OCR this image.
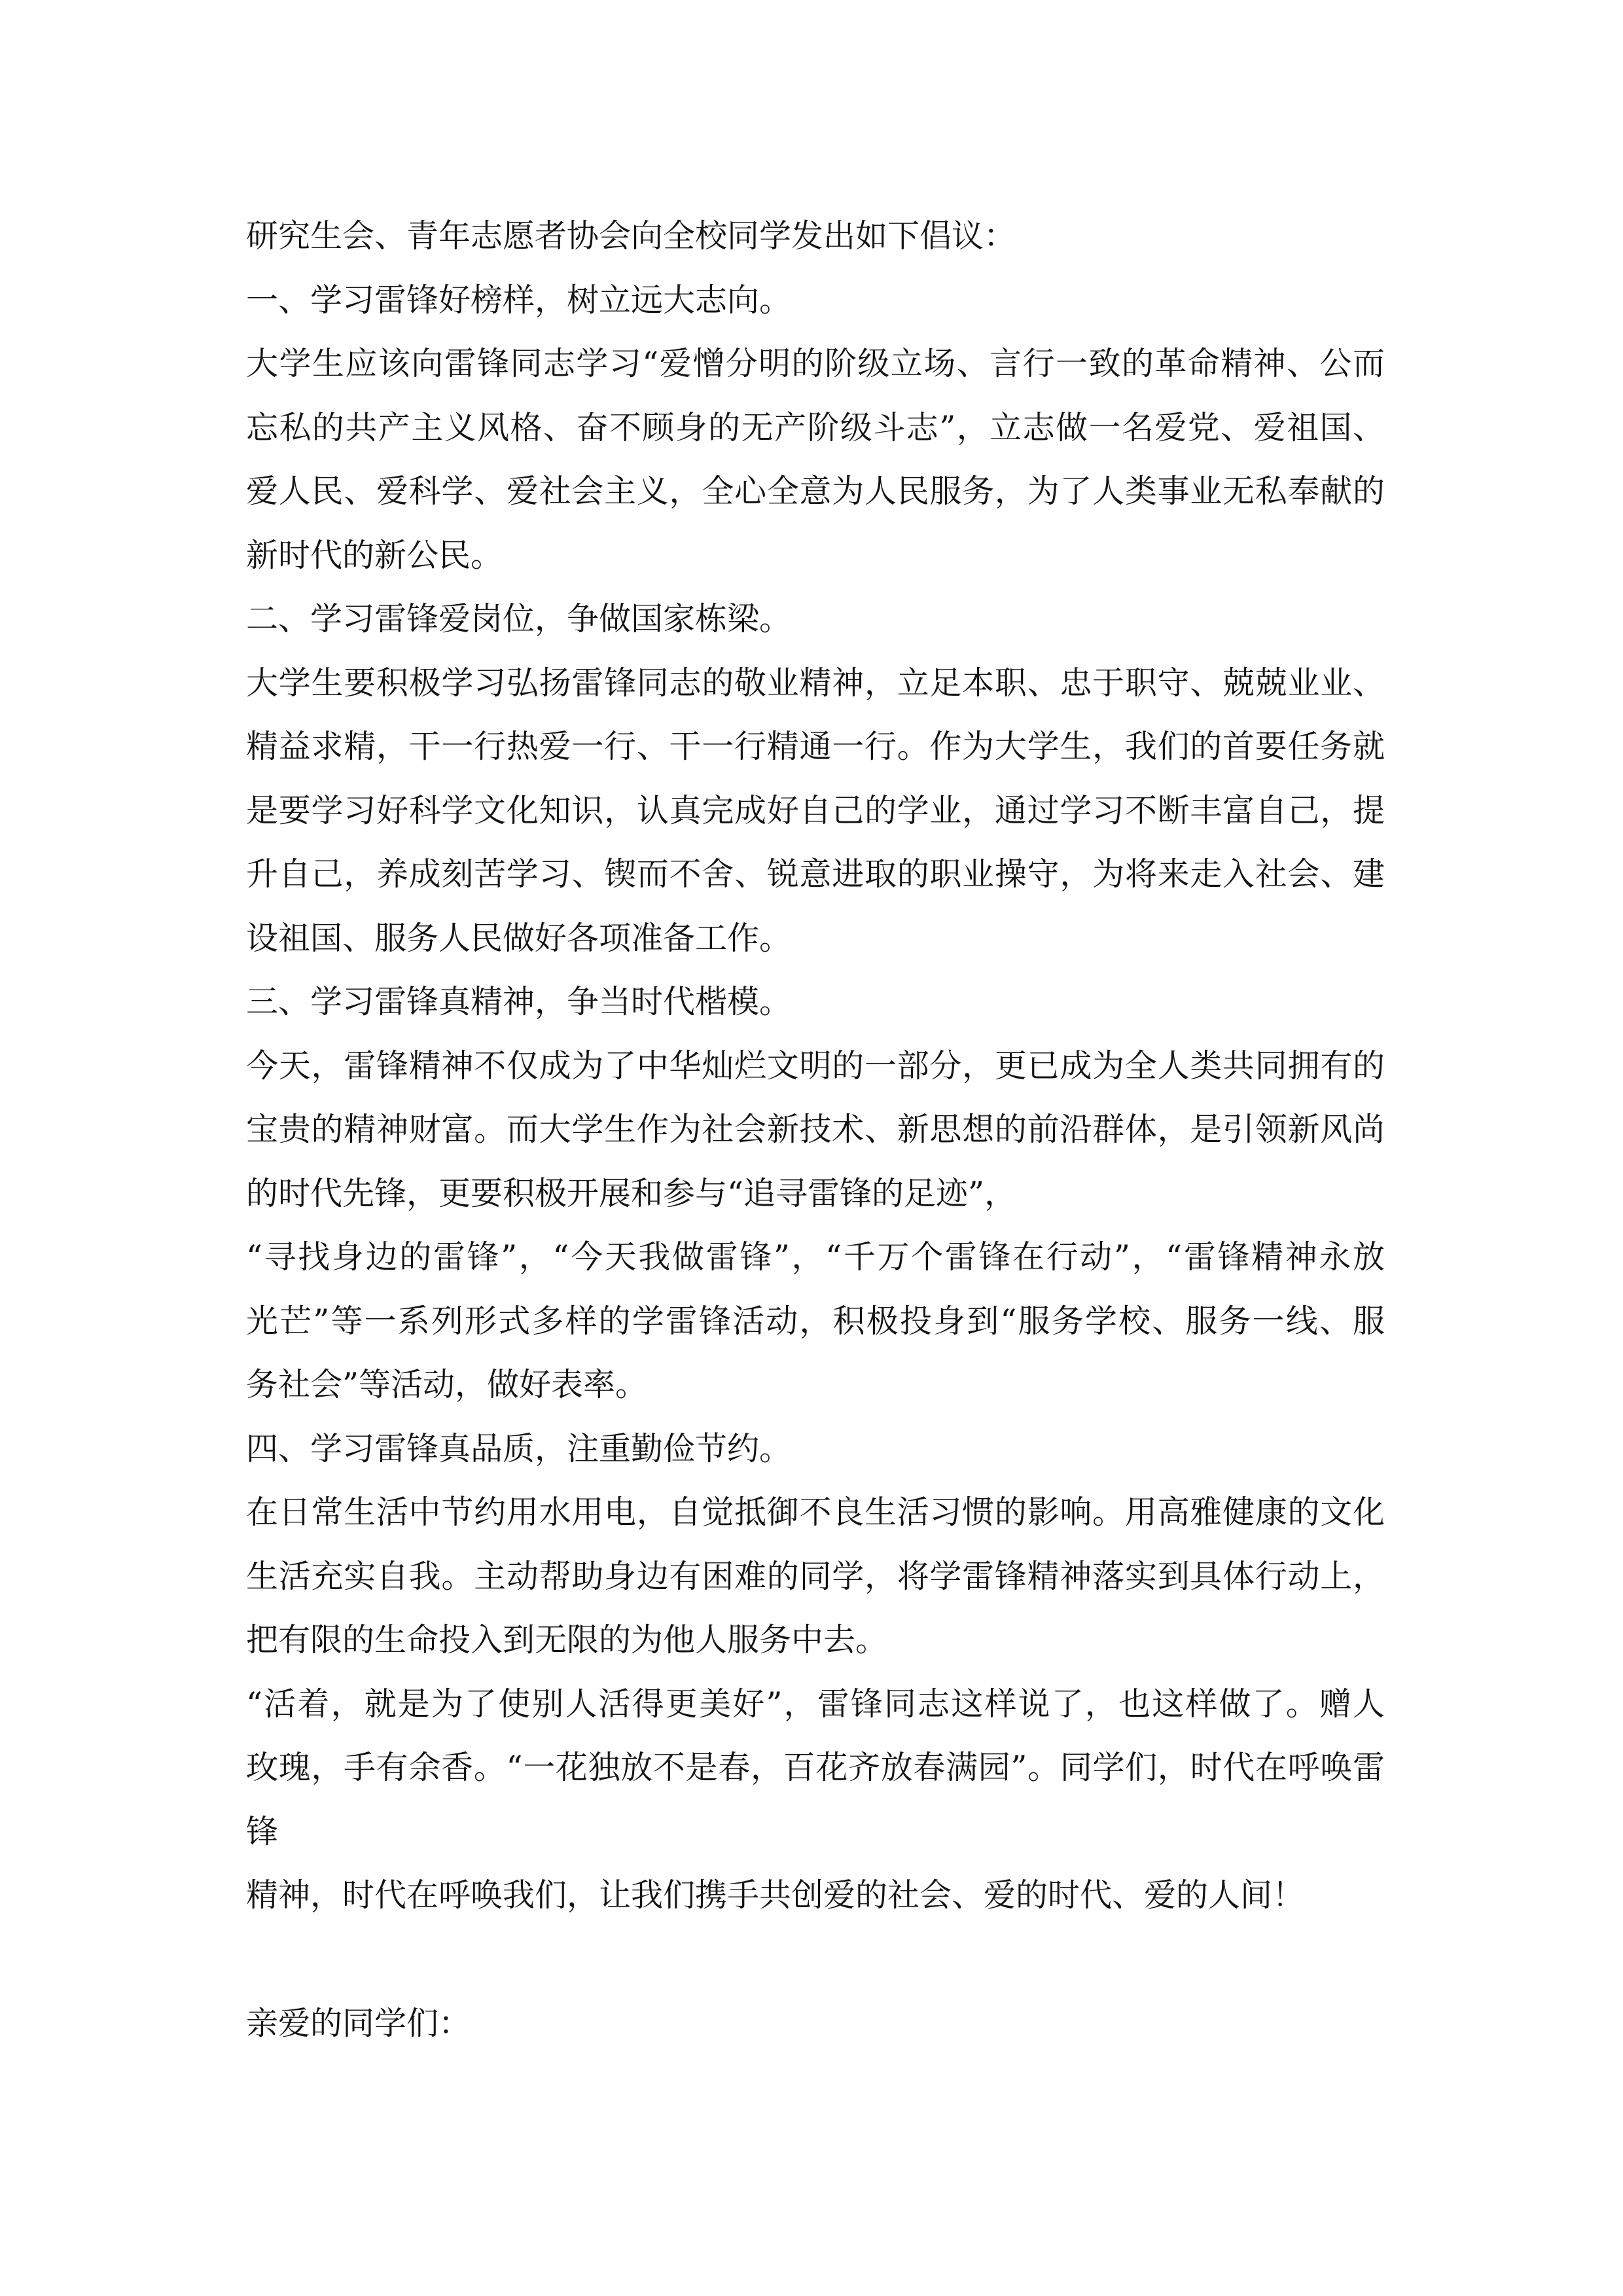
研究生会、青年志愿者协会向全校同学发出如下倡议：
一、学习雷锋好榜样，树立远大志向。
大学生应该向雷锋同志学习“爱憎分明的阶级立场、言行一致的革命精神、公而
忘私的共产主义风格、奋不顾身的无产阶级斗志”，立志做一名爱党、爱祖国、
爱人民、爱科学、爱社会主义，全心全意为人民服务，为了人类事业无私奉献的
新时代的新公民。
二、学习雷锋爱岗位，争做国家栋梁。
大学生要积极学习弘扬雷锋同志的敬业精神，立足本职、忠于职守、兢兢业业、
精益求精，干一行热爱一行、干一行精通一行。作为大学生，我们的首要任务就
是要学习好科学文化知识，认真完成好自己的学业，通过学习不断丰富自己，提
升自己，养成刻苦学习、锲而不舍、锐意进取的职业操守，为将来走入社会、建
设祖国、服务人民做好各项准备工作。
三、学习雷锋真精神，争当时代楷模。
今天，雷锋精神不仅成为了中华灿烂文明的一部分，更已成为全人类共同拥有的
宝贵的精神财富。而大学生作为社会新技术、新思想的前沿群体，是引领新风尚
的时代先锋，更要积极开展和参与“追寻雷锋的足迹”，
“寻找身边的雷锋”，“今天我做雷锋”，“千万个雷锋在行动”，“雷锋精神永放
光芒”等一系列形式多样的学雷锋活动，积极投身到“服务学校、服务一线、服
务社会”等活动，做好表率。
四、学习雷锋真品质，注重勤俭节约。
在日常生活中节约用水用电，自觉抵御不良生活习惯的影响。用高雅健康的文化
生活充实自我。主动帮助身边有困难的同学，将学雷锋精神落实到具体行动上，
把有限的生命投入到无限的为他人服务中去。
“活着，就是为了使别人活得更美好”，雷锋同志这样说了，也这样做了。赠人
玫瑰，手有余香。“一花独放不是春，百花齐放春满园”。同学们，时代在呼唤雷
锋
精神，时代在呼唤我们，让我们携手共创爱的社会、爱的时代、爱的人间！
亲爱的同学们：
